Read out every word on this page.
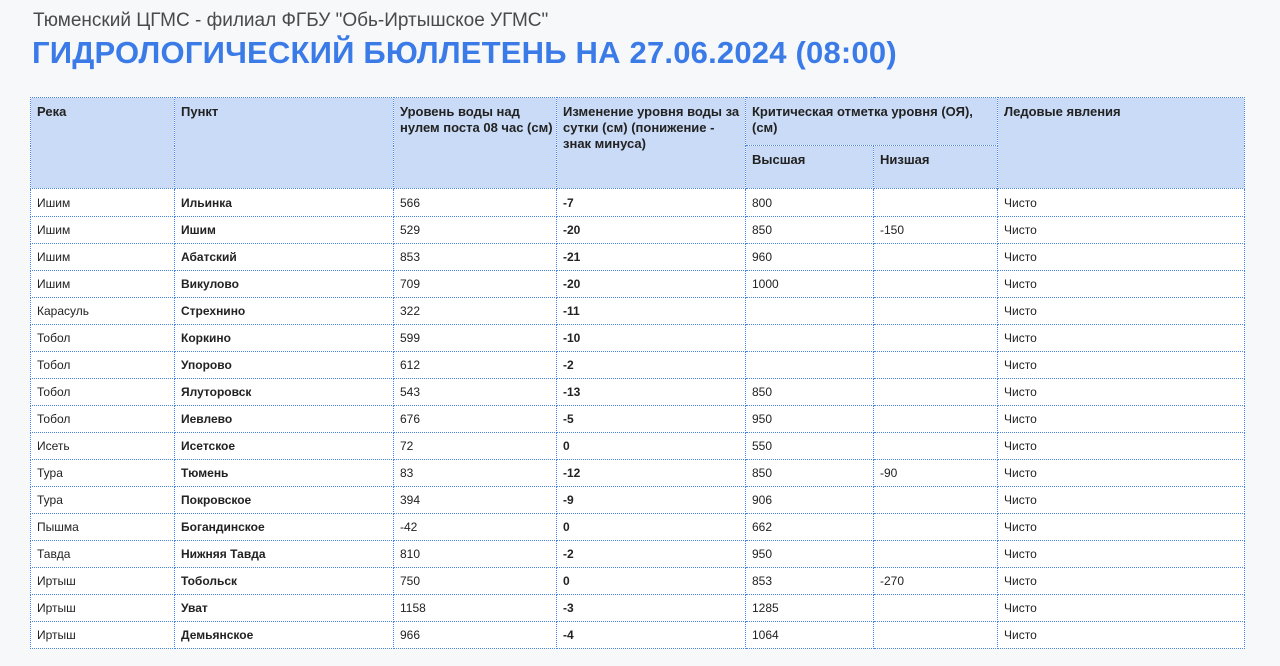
Тюменский ЦГМС - филиал ФГБУ "Обь-Иртышское УГМС"
ГИДРОЛОГИЧЕСКИЙ БЮЛЛЕТЕНЬ НА 27.06.2024 (08:00)
Река	Пункт	Уровень воды над нулем поста 08 час (см)	Изменение уровня воды за сутки (см) (понижение - знак минуса)	Критическая отметка уровня (ОЯ), (см)		Ледовые явления
				Высшая	Низшая	
Ишим	Ильинка	566	-7	800		Чисто
Ишим	Ишим	529	-20	850	-150	Чисто
Ишим	Абатский	853	-21	960		Чисто
Ишим	Викулово	709	-20	1000		Чисто
Карасуль	Стрехнино	322	-11			Чисто
Тобол	Коркино	599	-10			Чисто
Тобол	Упорово	612	-2			Чисто
Тобол	Ялуторовск	543	-13	850		Чисто
Тобол	Иевлево	676	-5	950		Чисто
Исеть	Исетское	72	0	550		Чисто
Тура	Тюмень	83	-12	850	-90	Чисто
Тура	Покровское	394	-9	906		Чисто
Пышма	Богандинское	-42	0	662		Чисто
Тавда	Нижняя Тавда	810	-2	950		Чисто
Иртыш	Тобольск	750	0	853	-270	Чисто
Иртыш	Уват	1158	-3	1285		Чисто
Иртыш	Демьянское	966	-4	1064		Чисто
